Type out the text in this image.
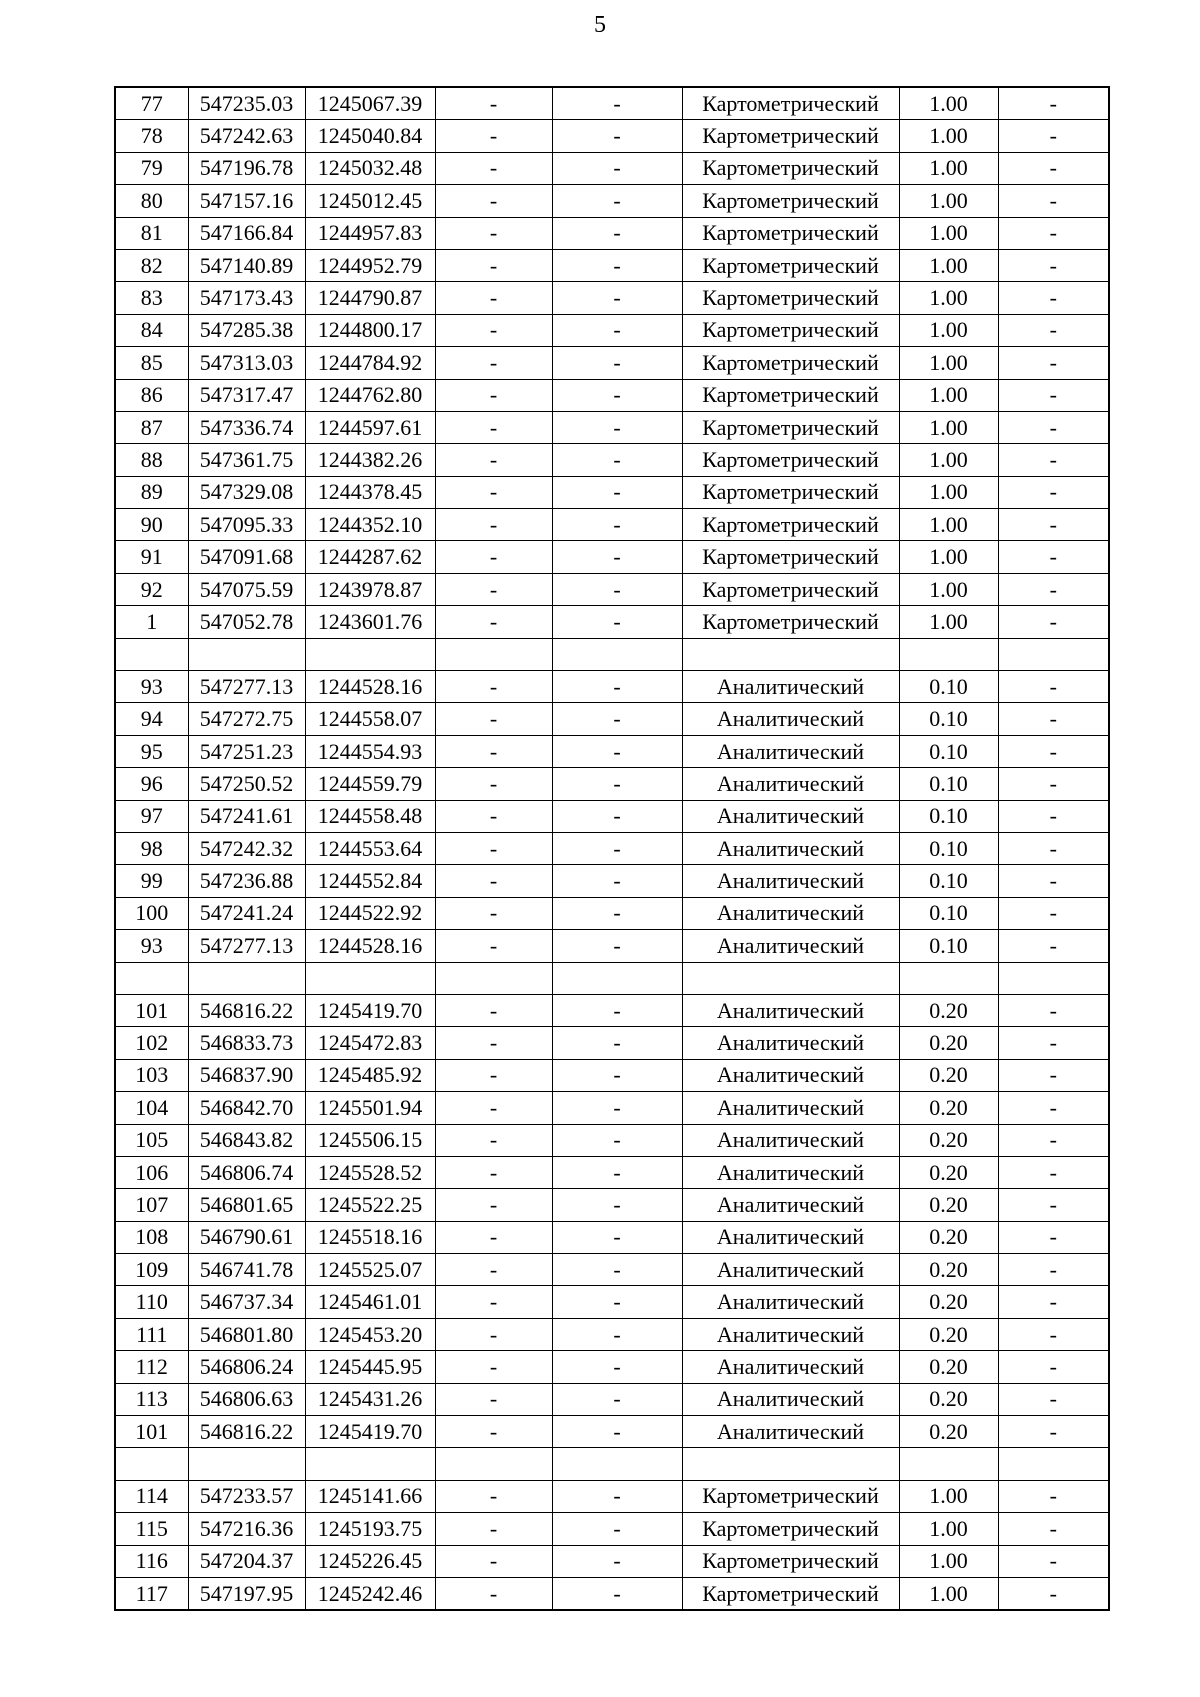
5
77	547235.03	1245067.39	-	-	Картометрический	1.00	-
78	547242.63	1245040.84	-	-	Картометрический	1.00	-
79	547196.78	1245032.48	-	-	Картометрический	1.00	-
80	547157.16	1245012.45	-	-	Картометрический	1.00	-
81	547166.84	1244957.83	-	-	Картометрический	1.00	-
82	547140.89	1244952.79	-	-	Картометрический	1.00	-
83	547173.43	1244790.87	-	-	Картометрический	1.00	-
84	547285.38	1244800.17	-	-	Картометрический	1.00	-
85	547313.03	1244784.92	-	-	Картометрический	1.00	-
86	547317.47	1244762.80	-	-	Картометрический	1.00	-
87	547336.74	1244597.61	-	-	Картометрический	1.00	-
88	547361.75	1244382.26	-	-	Картометрический	1.00	-
89	547329.08	1244378.45	-	-	Картометрический	1.00	-
90	547095.33	1244352.10	-	-	Картометрический	1.00	-
91	547091.68	1244287.62	-	-	Картометрический	1.00	-
92	547075.59	1243978.87	-	-	Картометрический	1.00	-
1	547052.78	1243601.76	-	-	Картометрический	1.00	-

93	547277.13	1244528.16	-	-	Аналитический	0.10	-
94	547272.75	1244558.07	-	-	Аналитический	0.10	-
95	547251.23	1244554.93	-	-	Аналитический	0.10	-
96	547250.52	1244559.79	-	-	Аналитический	0.10	-
97	547241.61	1244558.48	-	-	Аналитический	0.10	-
98	547242.32	1244553.64	-	-	Аналитический	0.10	-
99	547236.88	1244552.84	-	-	Аналитический	0.10	-
100	547241.24	1244522.92	-	-	Аналитический	0.10	-
93	547277.13	1244528.16	-	-	Аналитический	0.10	-

101	546816.22	1245419.70	-	-	Аналитический	0.20	-
102	546833.73	1245472.83	-	-	Аналитический	0.20	-
103	546837.90	1245485.92	-	-	Аналитический	0.20	-
104	546842.70	1245501.94	-	-	Аналитический	0.20	-
105	546843.82	1245506.15	-	-	Аналитический	0.20	-
106	546806.74	1245528.52	-	-	Аналитический	0.20	-
107	546801.65	1245522.25	-	-	Аналитический	0.20	-
108	546790.61	1245518.16	-	-	Аналитический	0.20	-
109	546741.78	1245525.07	-	-	Аналитический	0.20	-
110	546737.34	1245461.01	-	-	Аналитический	0.20	-
111	546801.80	1245453.20	-	-	Аналитический	0.20	-
112	546806.24	1245445.95	-	-	Аналитический	0.20	-
113	546806.63	1245431.26	-	-	Аналитический	0.20	-
101	546816.22	1245419.70	-	-	Аналитический	0.20	-

114	547233.57	1245141.66	-	-	Картометрический	1.00	-
115	547216.36	1245193.75	-	-	Картометрический	1.00	-
116	547204.37	1245226.45	-	-	Картометрический	1.00	-
117	547197.95	1245242.46	-	-	Картометрический	1.00	-
